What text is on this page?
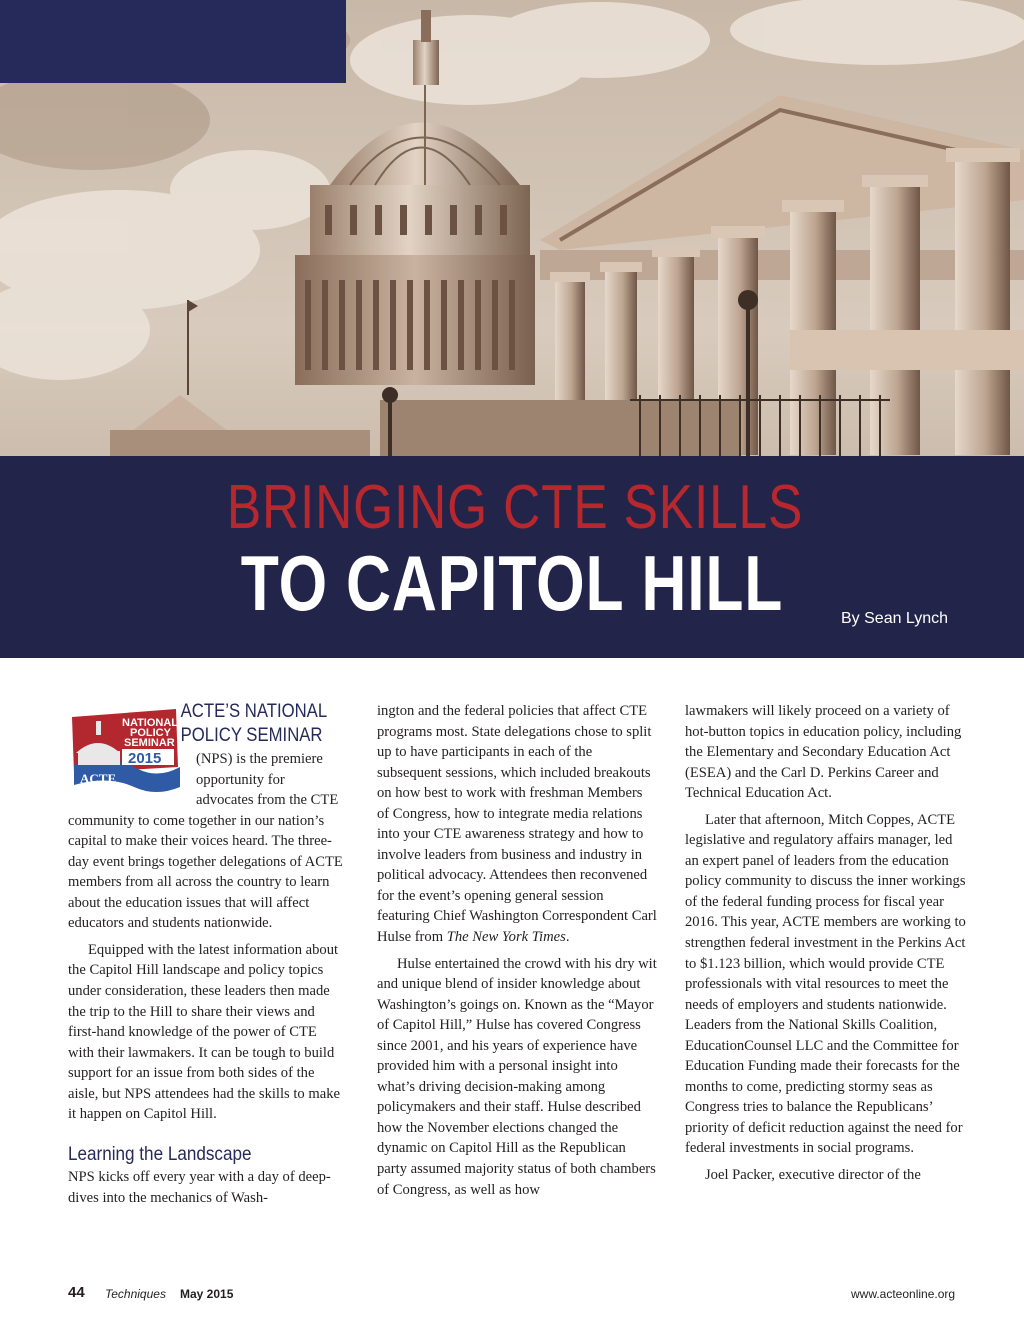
BRINGING CTE SKILLS
TO CAPITOL HILL	By Sean Lynch
NATIONAL
POLICY
SEMINAR
2015
ACTE
ACTE’S NATIONAL
POLICY SEMINAR

(NPS) is the premiere opportunity for advocates from the CTE community to come together in our nation’s capital to make their voices heard. The three-day event brings together delegations of ACTE members from all across the country to learn about the education issues that will affect educators and students nationwide.

Equipped with the latest information about the Capitol Hill landscape and policy topics under consideration, these leaders then made the trip to the Hill to share their views and first-hand knowledge of the power of CTE with their lawmakers. It can be tough to build support for an issue from both sides of the aisle, but NPS attendees had the skills to make it happen on Capitol Hill.

Learning the Landscape

NPS kicks off every year with a day of deep-dives into the mechanics of Wash-

ington and the federal policies that affect CTE programs most. State delegations chose to split up to have participants in each of the subsequent sessions, which included breakouts on how best to work with freshman Members of Congress, how to integrate media relations into your CTE awareness strategy and how to involve leaders from business and industry in political advocacy. Attendees then reconvened for the event’s opening general session featuring Chief Washington Correspondent Carl Hulse from The New York Times.

Hulse entertained the crowd with his dry wit and unique blend of insider knowledge about Washington’s goings on. Known as the “Mayor of Capitol Hill,” Hulse has covered Congress since 2001, and his years of experience have provided him with a personal insight into what’s driving decision-making among policymakers and their staff. Hulse described how the November elections changed the dynamic on Capitol Hill as the Republican party assumed majority status of both chambers of Congress, as well as how

lawmakers will likely proceed on a variety of hot-button topics in education policy, including the Elementary and Secondary Education Act (ESEA) and the Carl D. Perkins Career and Technical Education Act.

Later that afternoon, Mitch Coppes, ACTE legislative and regulatory affairs manager, led an expert panel of leaders from the education policy community to discuss the inner workings of the federal funding process for fiscal year 2016. This year, ACTE members are working to strengthen federal investment in the Perkins Act to $1.123 billion, which would provide CTE professionals with vital resources to meet the needs of employers and students nationwide. Leaders from the National Skills Coalition, EducationCounsel LLC and the Committee for Education Funding made their forecasts for the months to come, predicting stormy seas as Congress tries to balance the Republicans’ priority of deficit reduction against the need for federal investments in social programs.

Joel Packer, executive director of the

44 Techniques May 2015	www.acteonline.org
